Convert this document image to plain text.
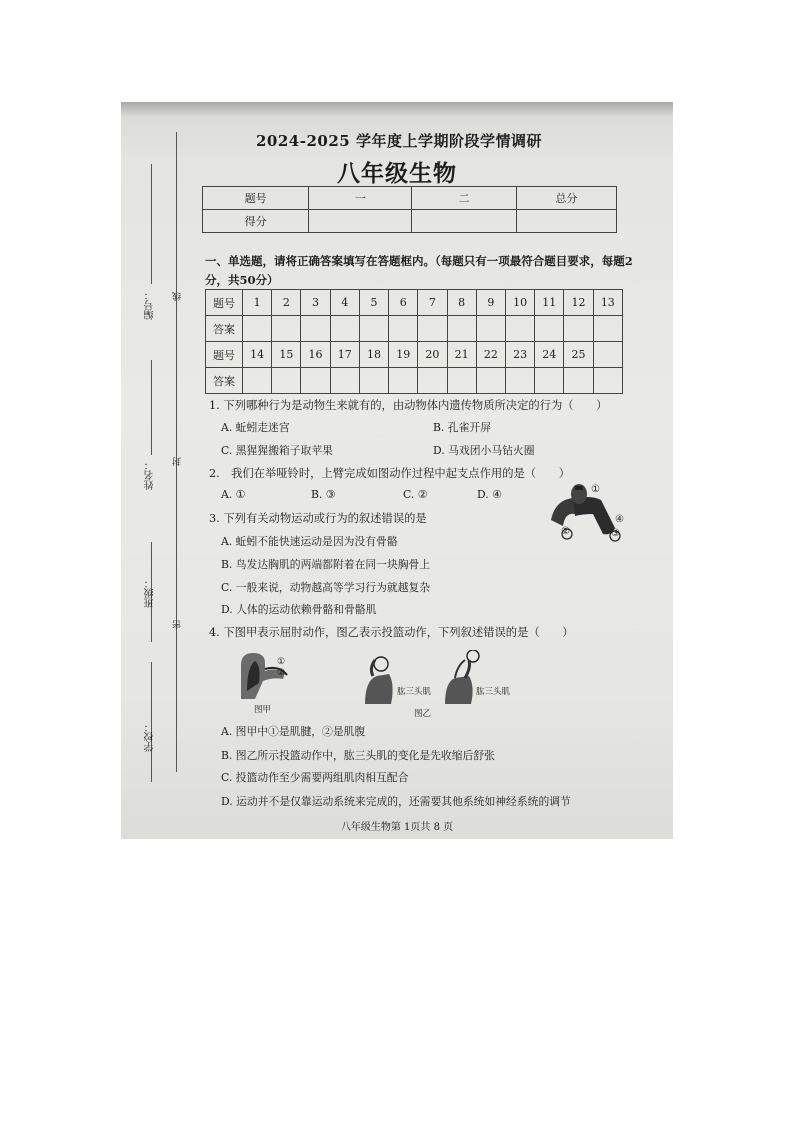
编号：
姓名：
班级：
学校：
线
封
密
2024-2025 学年度上学期阶段学情调研
八年级生物
题号	一	二	总分
得分			
一、单选题，请将正确答案填写在答题框内。（每题只有一项最符合题目要求，每题2分，共50分）
题号	1	2	3	4	5	6	7	8	9	10	11	12	13
答案													
题号	14	15	16	17	18	19	20	21	22	23	24	25	
答案													
1. 下列哪种行为是动物生来就有的，由动物体内遗传物质所决定的行为（　　）
A. 蚯蚓走迷宫	B. 孔雀开屏
C. 黑猩猩搬箱子取苹果	D. 马戏团小马钻火圈
2.　我们在举哑铃时，上臂完成如图动作过程中起支点作用的是（　　）
A. ①	B. ③	C. ②	D. ④	①
②	③
④
3. 下列有关动物运动或行为的叙述错误的是
A. 蚯蚓不能快速运动是因为没有骨骼
B. 鸟发达胸肌的两端都附着在同一块胸骨上
C. 一般来说，动物越高等学习行为就越复杂
D. 人体的运动依赖骨骼和骨骼肌
4. 下图甲表示屈肘动作，图乙表示投篮动作，下列叙述错误的是（　　）
①
②
图甲
肱三头肌	肱三头肌
图乙
A. 图甲中①是肌腱，②是肌腹
B. 图乙所示投篮动作中，肱三头肌的变化是先收缩后舒张
C. 投篮动作至少需要两组肌肉相互配合
D. 运动并不是仅靠运动系统来完成的，还需要其他系统如神经系统的调节
八年级生物第 1页共 8 页
